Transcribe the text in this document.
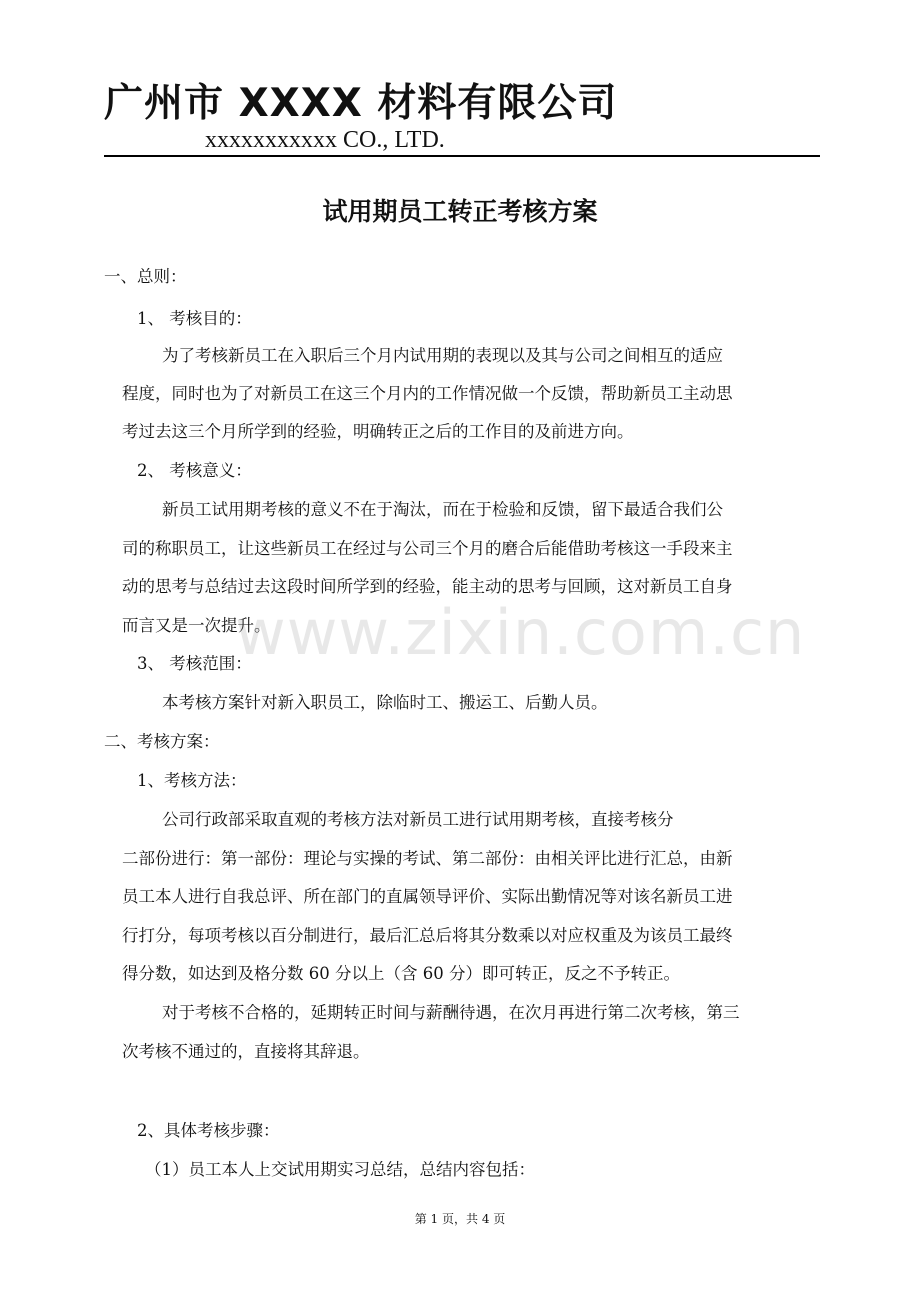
广州市 XXXX 材料有限公司
xxxxxxxxxxx CO., LTD.
试用期员工转正考核方案
一、总则：
1、 考核目的：
为了考核新员工在入职后三个月内试用期的表现以及其与公司之间相互的适应
程度，同时也为了对新员工在这三个月内的工作情况做一个反馈，帮助新员工主动思
考过去这三个月所学到的经验，明确转正之后的工作目的及前进方向。
2、 考核意义：
新员工试用期考核的意义不在于淘汰，而在于检验和反馈，留下最适合我们公
司的称职员工，让这些新员工在经过与公司三个月的磨合后能借助考核这一手段来主
动的思考与总结过去这段时间所学到的经验，能主动的思考与回顾，这对新员工自身
而言又是一次提升。
3、 考核范围：
本考核方案针对新入职员工，除临时工、搬运工、后勤人员。
二、考核方案：
1、考核方法：
公司行政部采取直观的考核方法对新员工进行试用期考核，直接考核分
二部份进行：第一部份：理论与实操的考试、第二部份：由相关评比进行汇总，由新
员工本人进行自我总评、所在部门的直属领导评价、实际出勤情况等对该名新员工进
行打分，每项考核以百分制进行，最后汇总后将其分数乘以对应权重及为该员工最终
得分数，如达到及格分数 60 分以上（含 60 分）即可转正，反之不予转正。
对于考核不合格的，延期转正时间与薪酬待遇，在次月再进行第二次考核，第三
次考核不通过的，直接将其辞退。
2、具体考核步骤：
（1）员工本人上交试用期实习总结，总结内容包括：
www.zixin.com.cn
第 1 页，共 4 页
